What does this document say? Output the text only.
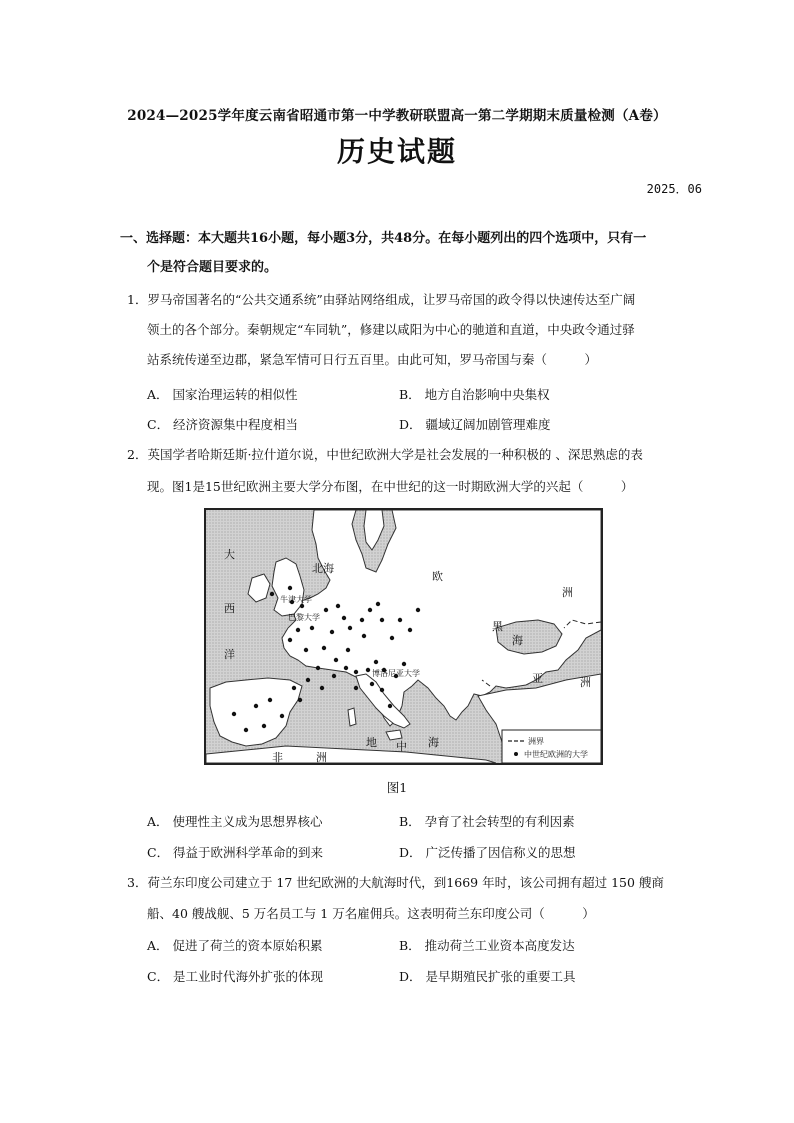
2024—2025学年度云南省昭通市第一中学教研联盟高一第二学期期末质量检测（A卷）
历史试题
2025．06
一、选择题：本大题共16小题，每小题3分，共48分。在每小题列出的四个选项中，只有一
个是符合题目要求的。
1．罗马帝国著名的“公共交通系统”由驿站网络组成，让罗马帝国的政令得以快速传达至广阔
领土的各个部分。秦朝规定“车同轨”，修建以咸阳为中心的驰道和直道，中央政令通过驿
站系统传递至边郡，紧急军情可日行五百里。由此可知，罗马帝国与秦（　　　）
A． 国家治理运转的相似性	B． 地方自治影响中央集权
C． 经济资源集中程度相当	D． 疆域辽阔加剧管理难度
2．英国学者哈斯廷斯·拉什道尔说，中世纪欧洲大学是社会发展的一种积极的 、深思熟虑的表
现。图1是15世纪欧洲主要大学分布图，在中世纪的这一时期欧洲大学的兴起（　　　）
大
西
洋
北海
欧
洲
黑
海
亚	洲
地 中 海
非	洲
牛津大学
巴黎大学
博洛尼亚大学
洲界
中世纪欧洲的大学
图1
A． 使理性主义成为思想界核心	B． 孕育了社会转型的有利因素
C． 得益于欧洲科学革命的到来	D． 广泛传播了因信称义的思想
3．荷兰东印度公司建立于 17 世纪欧洲的大航海时代，到1669 年时，该公司拥有超过 150 艘商
船、40 艘战舰、5 万名员工与 1 万名雇佣兵。这表明荷兰东印度公司（　　　）
A． 促进了荷兰的资本原始积累	B． 推动荷兰工业资本高度发达
C． 是工业时代海外扩张的体现	D． 是早期殖民扩张的重要工具
